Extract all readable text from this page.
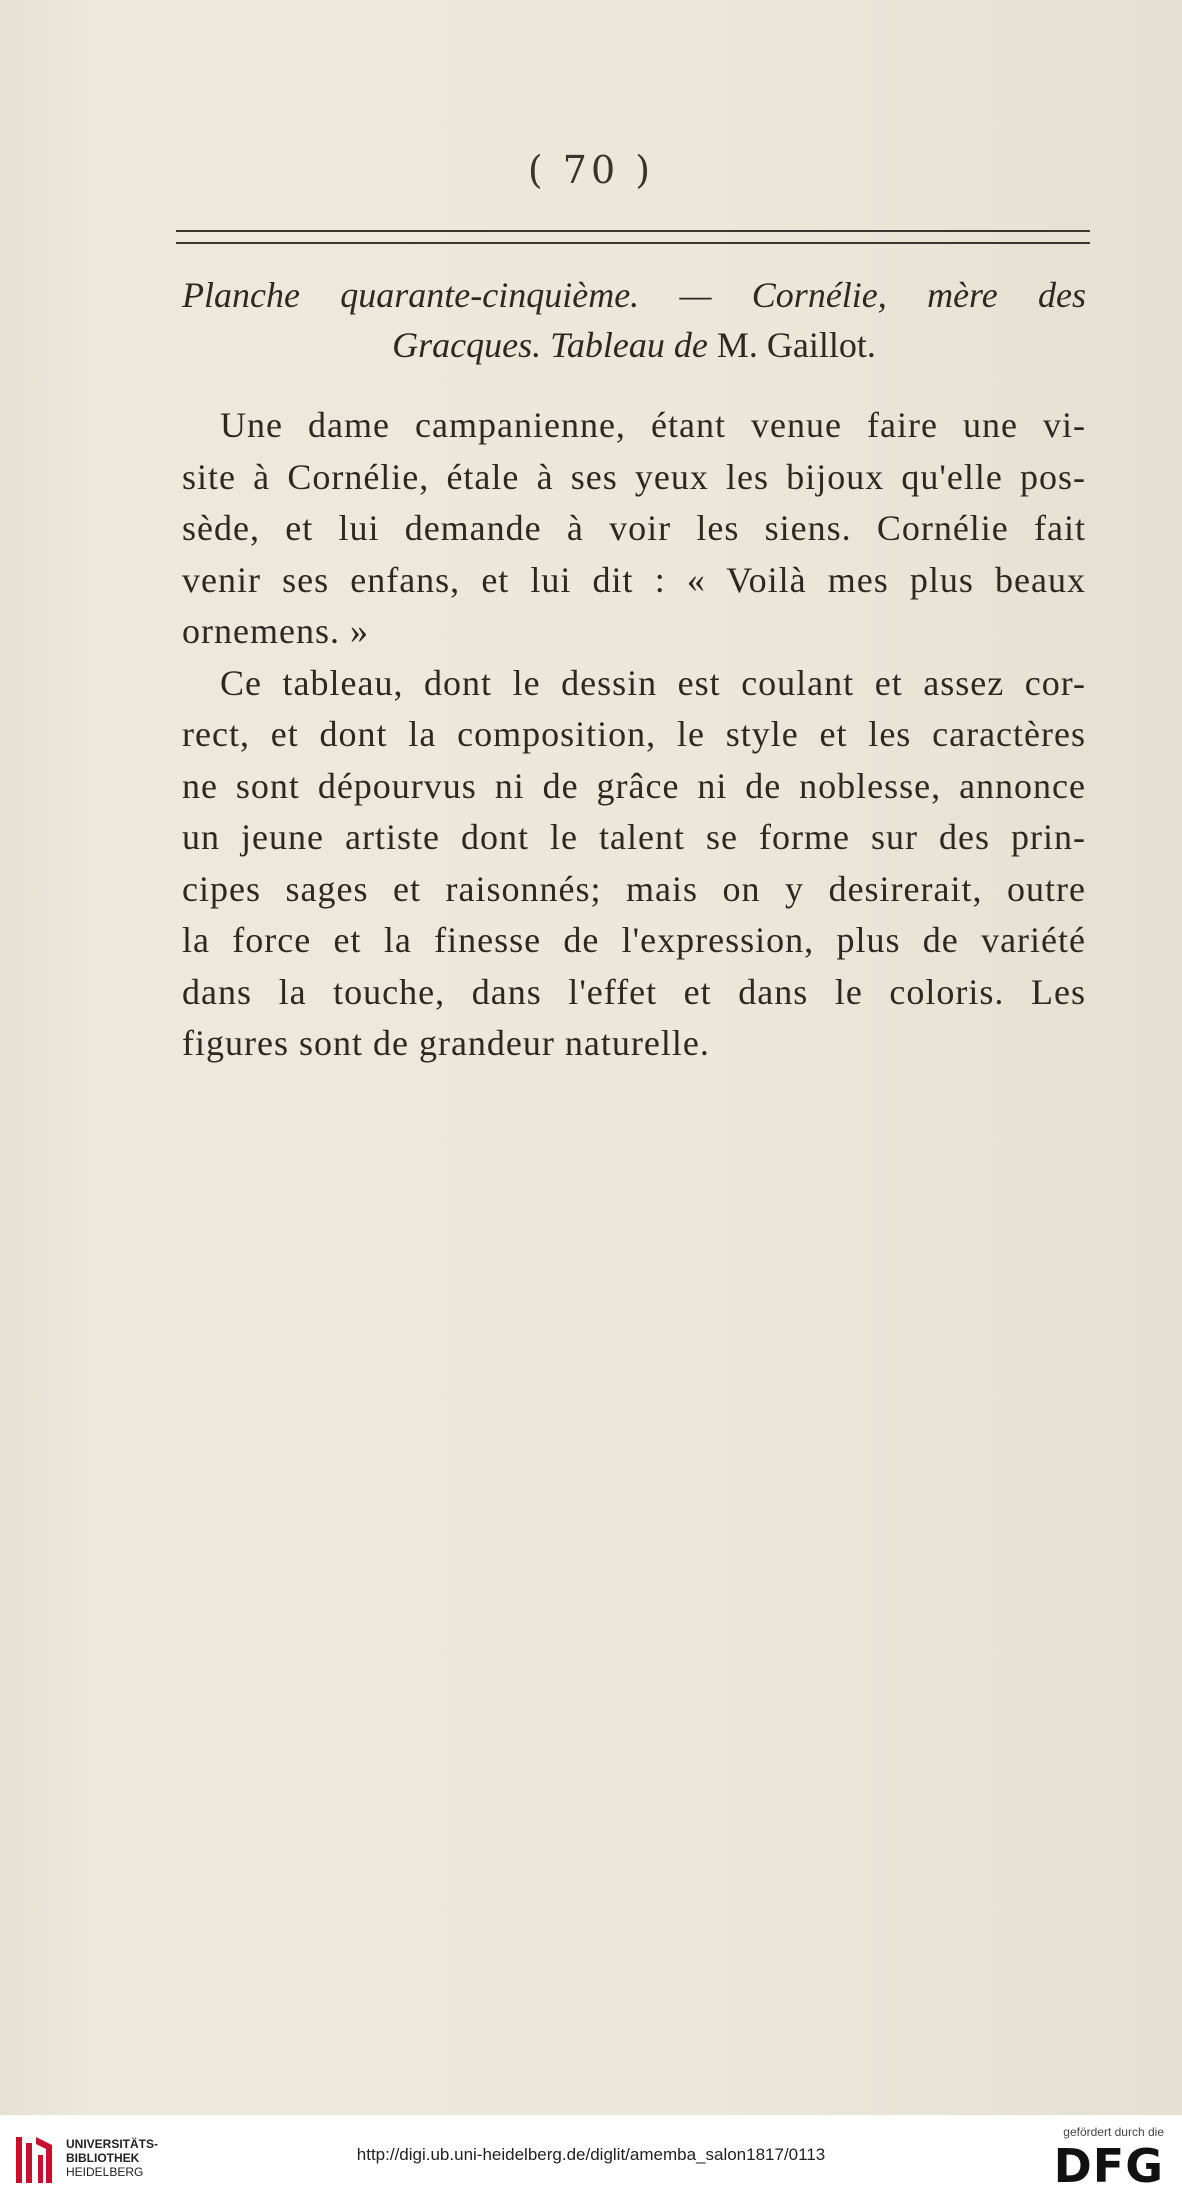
( 70 )
Planche quarante-cinquième. — Cornélie, mère des
Gracques. Tableau de M. Gaillot.

Une dame campanienne, étant venue faire une vi-
site à Cornélie, étale à ses yeux les bijoux qu'elle pos-
sède, et lui demande à voir les siens. Cornélie fait
venir ses enfans, et lui dit : « Voilà mes plus beaux
ornemens. »

Ce tableau, dont le dessin est coulant et assez cor-
rect, et dont la composition, le style et les caractères
ne sont dépourvus ni de grâce ni de noblesse, annonce
un jeune artiste dont le talent se forme sur des prin-
cipes sages et raisonnés; mais on y desirerait, outre
la force et la finesse de l'expression, plus de variété
dans la touche, dans l'effet et dans le coloris. Les
figures sont de grandeur naturelle.

UNIVERSITÄTS-
BIBLIOTHEK
HEIDELBERG
http://digi.ub.uni-heidelberg.de/diglit/amemba_salon1817/0113
gefördert durch die
DFG
